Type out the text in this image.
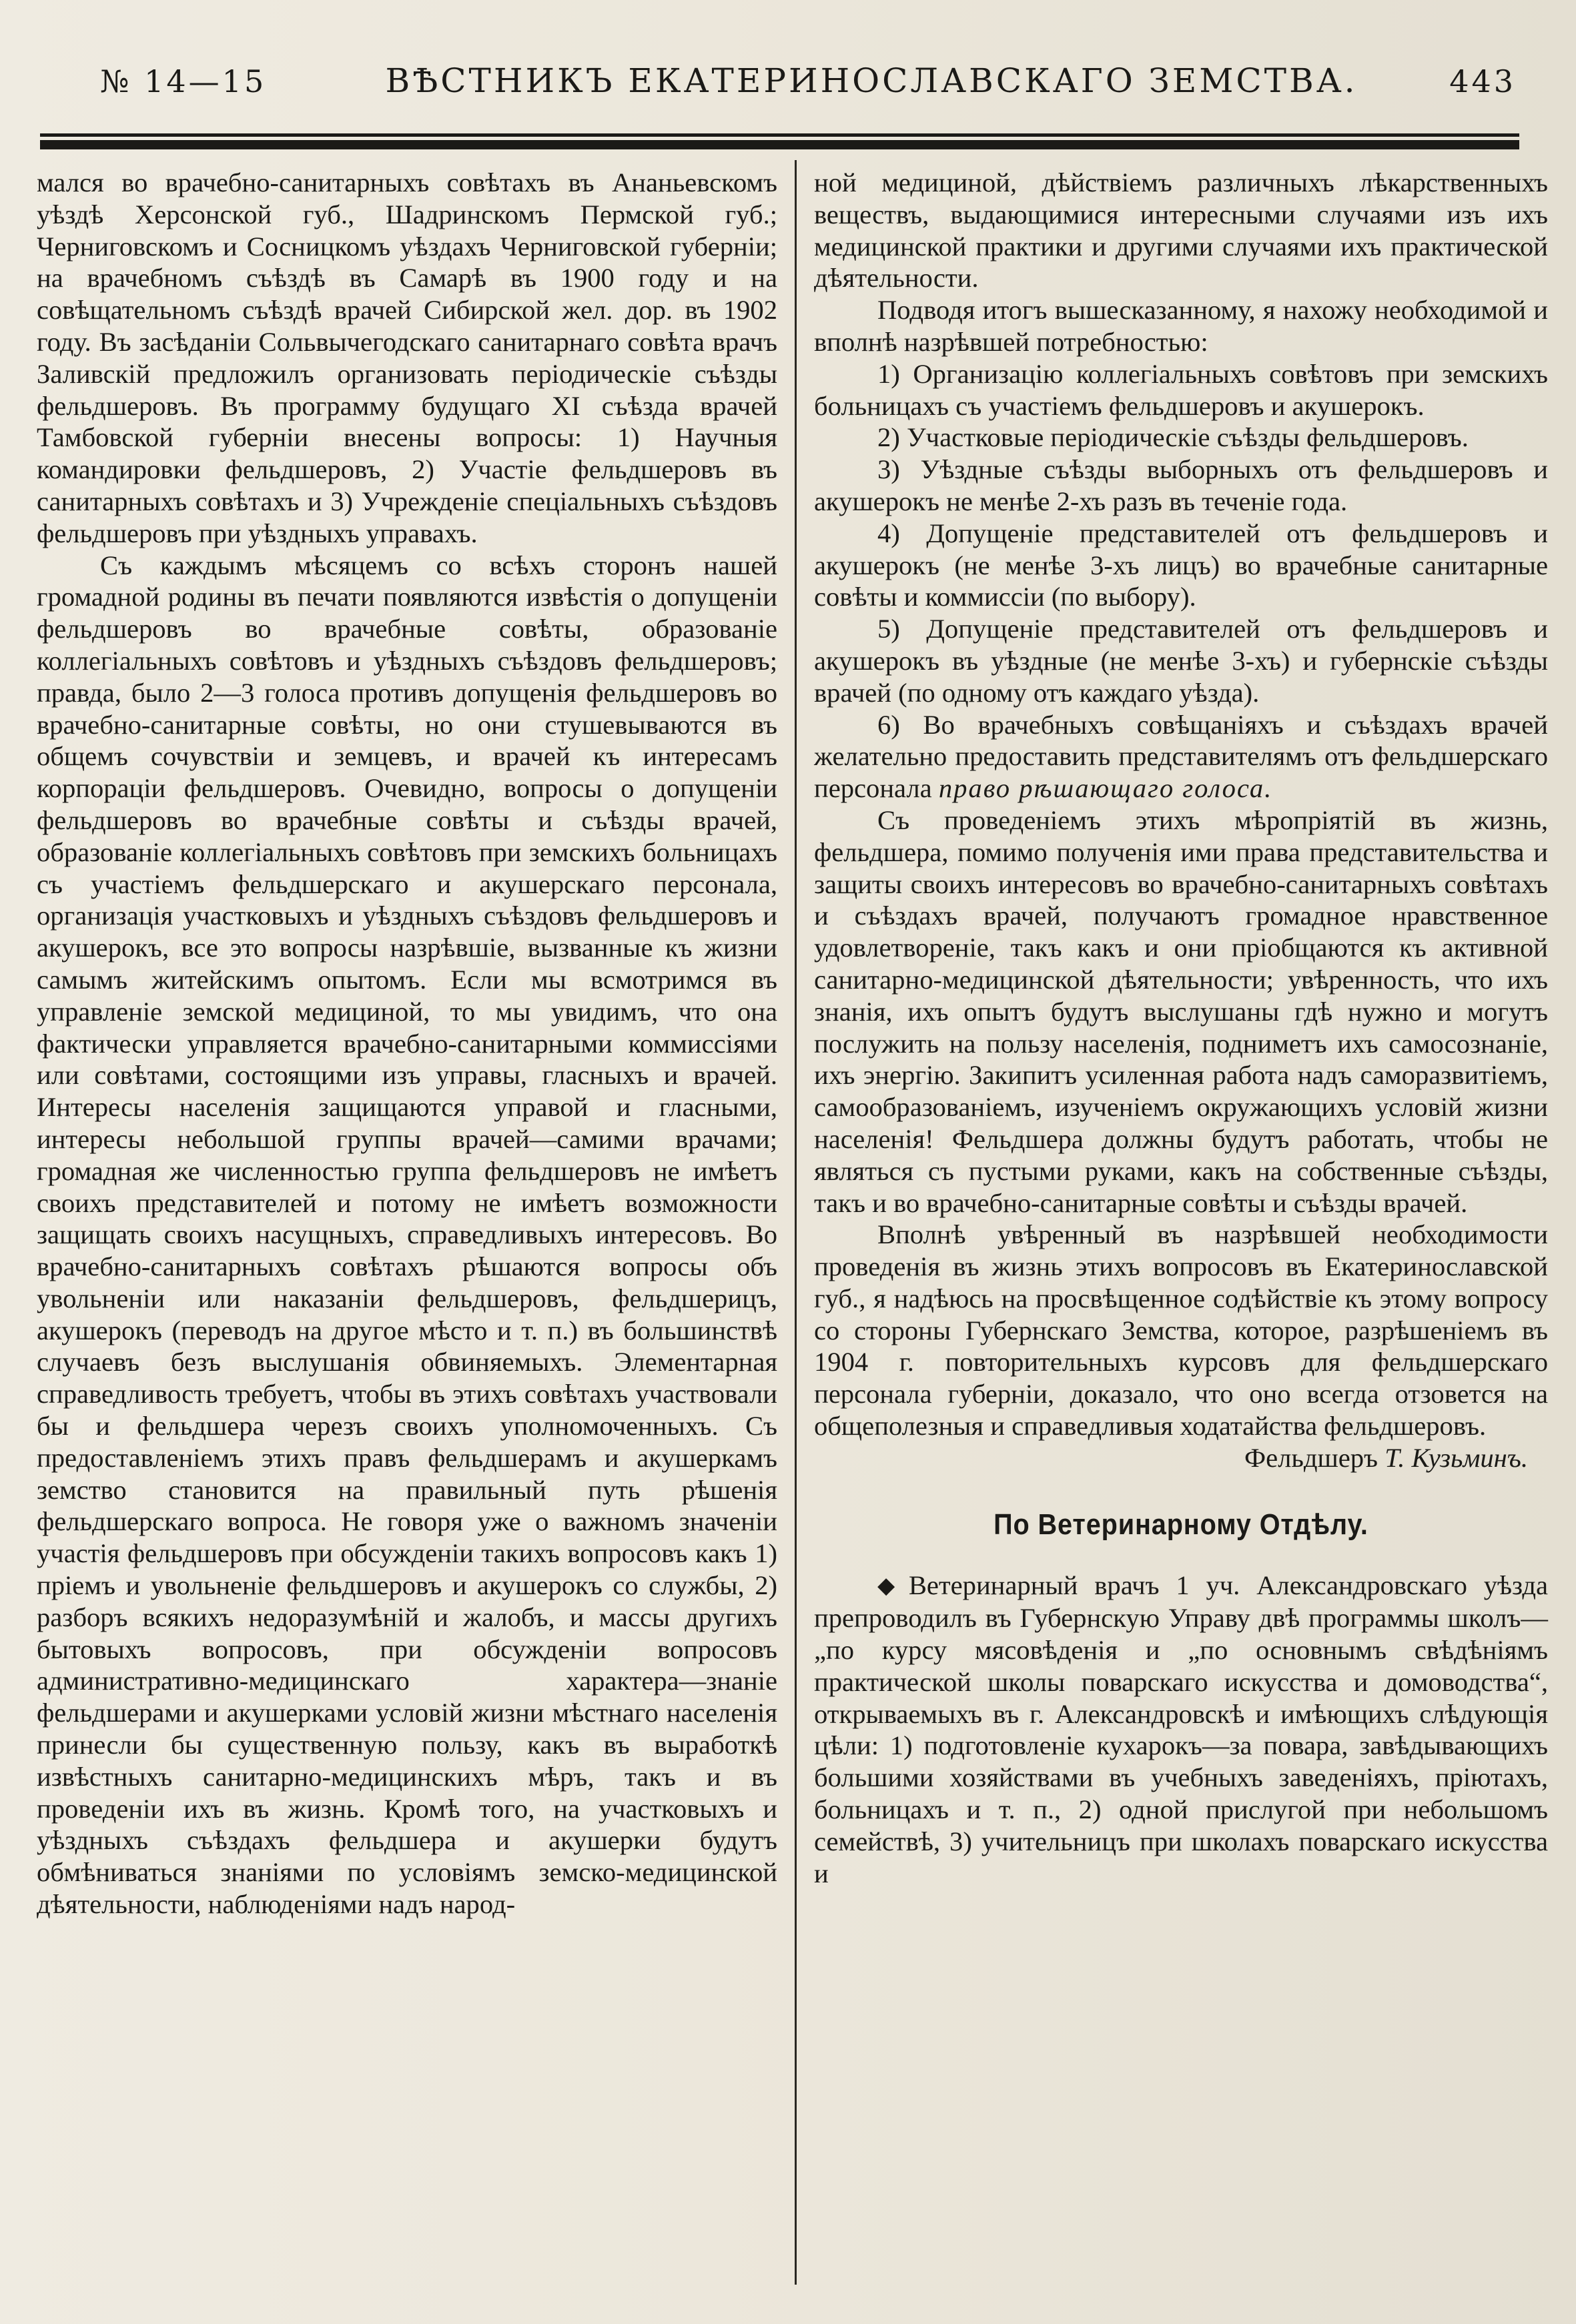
№ 14—15	ВѢСТНИКЪ ЕКАТЕРИНОСЛАВСКАГО ЗЕМСТВА.	443

мался во врачебно-санитарныхъ совѣтахъ въ Ананьевскомъ уѣздѣ Херсонской губ., Шадринскомъ Пермской губ.; Черниговскомъ и Сосницкомъ уѣздахъ Черниговской губерніи; на врачебномъ съѣздѣ въ Самарѣ въ 1900 году и на совѣщательномъ съѣздѣ врачей Сибирской жел. дор. въ 1902 году. Въ засѣданіи Сольвычегодскаго санитарнаго совѣта врачъ Заливскій предложилъ организовать періодическіе съѣзды фельдшеровъ. Въ программу будущаго XI съѣзда врачей Тамбовской губерніи внесены вопросы: 1) Научныя командировки фельдшеровъ, 2) Участіе фельдшеровъ въ санитарныхъ совѣтахъ и 3) Учрежденіе спеціальныхъ съѣздовъ фельдшеровъ при уѣздныхъ управахъ.

Съ каждымъ мѣсяцемъ со всѣхъ сторонъ нашей громадной родины въ печати появляются извѣстія о допущеніи фельдшеровъ во врачебные совѣты, образованіе коллегіальныхъ совѣтовъ и уѣздныхъ съѣздовъ фельдшеровъ; правда, было 2—3 голоса противъ допущенія фельдшеровъ во врачебно-санитарные совѣты, но они стушевываются въ общемъ сочувствіи и земцевъ, и врачей къ интересамъ корпораціи фельдшеровъ. Очевидно, вопросы о допущеніи фельдшеровъ во врачебные совѣты и съѣзды врачей, образованіе коллегіальныхъ совѣтовъ при земскихъ больницахъ съ участіемъ фельдшерскаго и акушерскаго персонала, организація участковыхъ и уѣздныхъ съѣздовъ фельдшеровъ и акушерокъ, все это вопросы назрѣвшіе, вызванные къ жизни самымъ житейскимъ опытомъ. Если мы всмотримся въ управленіе земской медициной, то мы увидимъ, что она фактически управляется врачебно-санитарными коммиссіями или совѣтами, состоящими изъ управы, гласныхъ и врачей. Интересы населенія защищаются управой и гласными, интересы небольшой группы врачей—самими врачами; громадная же численностью группа фельдшеровъ не имѣетъ своихъ представителей и потому не имѣетъ возможности защищать своихъ насущныхъ, справедливыхъ интересовъ. Во врачебно-санитарныхъ совѣтахъ рѣшаются вопросы объ увольненіи или наказаніи фельдшеровъ, фельдшерицъ, акушерокъ (переводъ на другое мѣсто и т. п.) въ большинствѣ случаевъ безъ выслушанія обвиняемыхъ. Элементарная справедливость требуетъ, чтобы въ этихъ совѣтахъ участвовали бы и фельдшера черезъ своихъ уполномоченныхъ. Съ предоставленіемъ этихъ правъ фельдшерамъ и акушеркамъ земство становится на правильный путь рѣшенія фельдшерскаго вопроса. Не говоря уже о важномъ значеніи участія фельдшеровъ при обсужденіи такихъ вопросовъ какъ 1) пріемъ и увольненіе фельдшеровъ и акушерокъ со службы, 2) разборъ всякихъ недоразумѣній и жалобъ, и массы другихъ бытовыхъ вопросовъ, при обсужденіи вопросовъ административно-медицинскаго характера—знаніе фельдшерами и акушерками условій жизни мѣстнаго населенія принесли бы существенную пользу, какъ въ выработкѣ извѣстныхъ санитарно-медицинскихъ мѣръ, такъ и въ проведеніи ихъ въ жизнь. Кромѣ того, на участковыхъ и уѣздныхъ съѣздахъ фельдшера и акушерки будутъ обмѣниваться знаніями по условіямъ земско-медицинской дѣятельности, наблюденіями надъ народ-

ной медициной, дѣйствіемъ различныхъ лѣкарственныхъ веществъ, выдающимися интересными случаями изъ ихъ медицинской практики и другими случаями ихъ практической дѣятельности.

Подводя итогъ вышесказанному, я нахожу необходимой и вполнѣ назрѣвшей потребностью:

1) Организацію коллегіальныхъ совѣтовъ при земскихъ больницахъ съ участіемъ фельдшеровъ и акушерокъ.

2) Участковые періодическіе съѣзды фельдшеровъ.

3) Уѣздные съѣзды выборныхъ отъ фельдшеровъ и акушерокъ не менѣе 2-хъ разъ въ теченіе года.

4) Допущеніе представителей отъ фельдшеровъ и акушерокъ (не менѣе 3-хъ лицъ) во врачебные санитарные совѣты и коммиссіи (по выбору).

5) Допущеніе представителей отъ фельдшеровъ и акушерокъ въ уѣздные (не менѣе 3-хъ) и губернскіе съѣзды врачей (по одному отъ каждаго уѣзда).

6) Во врачебныхъ совѣщаніяхъ и съѣздахъ врачей желательно предоставить представителямъ отъ фельдшерскаго персонала право рѣшающаго голоса.

Съ проведеніемъ этихъ мѣропріятій въ жизнь, фельдшера, помимо полученія ими права представительства и защиты своихъ интересовъ во врачебно-санитарныхъ совѣтахъ и съѣздахъ врачей, получаютъ громадное нравственное удовлетвореніе, такъ какъ и они пріобщаются къ активной санитарно-медицинской дѣятельности; увѣренность, что ихъ знанія, ихъ опытъ будутъ выслушаны гдѣ нужно и могутъ послужить на пользу населенія, подниметъ ихъ самосознаніе, ихъ энергію. Закипитъ усиленная работа надъ саморазвитіемъ, самообразованіемъ, изученіемъ окружающихъ условій жизни населенія! Фельдшера должны будутъ работать, чтобы не являться съ пустыми руками, какъ на собственные съѣзды, такъ и во врачебно-санитарные совѣты и съѣзды врачей.

Вполнѣ увѣренный въ назрѣвшей необходимости проведенія въ жизнь этихъ вопросовъ въ Екатеринославской губ., я надѣюсь на просвѣщенное содѣйствіе къ этому вопросу со стороны Губернскаго Земства, которое, разрѣшеніемъ въ 1904 г. повторительныхъ курсовъ для фельдшерскаго персонала губерніи, доказало, что оно всегда отзовется на общеполезныя и справедливыя ходатайства фельдшеровъ.

Фельдшеръ Т. Кузьминъ.

По Ветеринарному Отдѣлу.

◆ Ветеринарный врачъ 1 уч. Александровскаго уѣзда препроводилъ въ Губернскую Управу двѣ программы школъ—„по курсу мясовѣденія и „по основнымъ свѣдѣніямъ практической школы поварскаго искусства и домоводства“, открываемыхъ въ г. Александровскѣ и имѣющихъ слѣдующія цѣли: 1) подготовленіе кухарокъ—за повара, завѣдывающихъ большими хозяйствами въ учебныхъ заведеніяхъ, пріютахъ, больницахъ и т. п., 2) одной прислугой при небольшомъ семействѣ, 3) учительницъ при школахъ поварскаго искусства и
